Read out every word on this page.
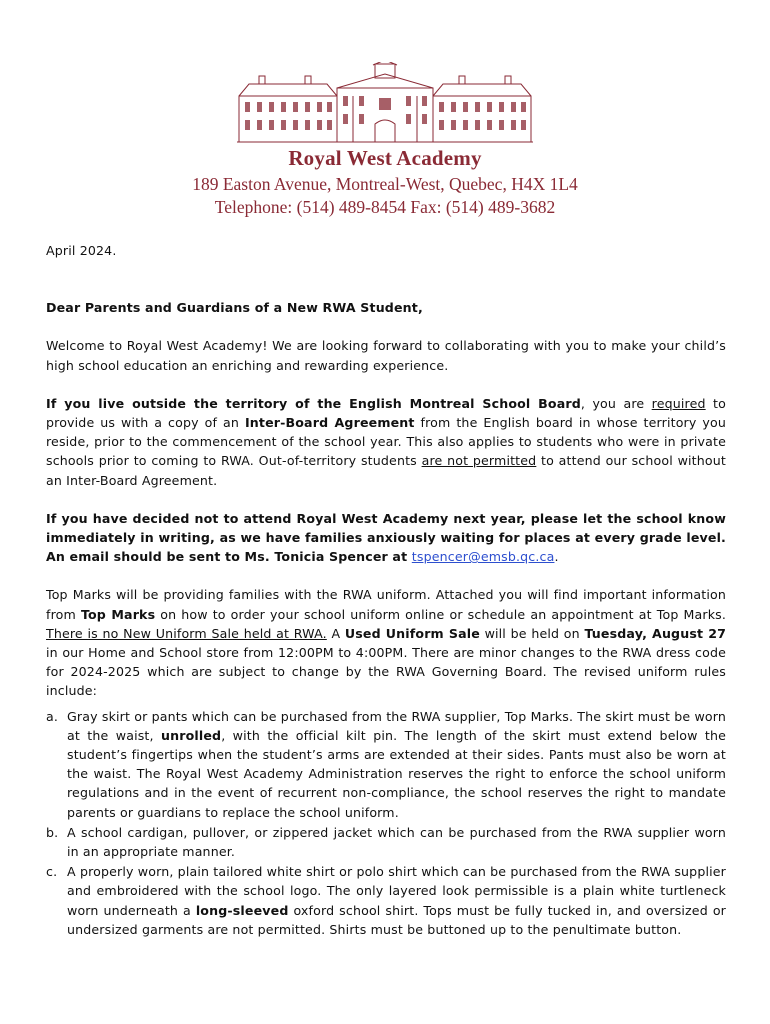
Royal West Academy
189 Easton Avenue, Montreal-West, Quebec, H4X 1L4
Telephone: (514) 489-8454 Fax: (514) 489-3682

April 2024.

Dear Parents and Guardians of a New RWA Student,

Welcome to Royal West Academy! We are looking forward to collaborating with you to make your child’s high school education an enriching and rewarding experience.

If you live outside the territory of the English Montreal School Board, you are required to provide us with a copy of an Inter-Board Agreement from the English board in whose territory you reside, prior to the commencement of the school year. This also applies to students who were in private schools prior to coming to RWA. Out-of-territory students are not permitted to attend our school without an Inter-Board Agreement.

If you have decided not to attend Royal West Academy next year, please let the school know immediately in writing, as we have families anxiously waiting for places at every grade level. An email should be sent to Ms. Tonicia Spencer at tspencer@emsb.qc.ca.

Top Marks will be providing families with the RWA uniform. Attached you will find important information from Top Marks on how to order your school uniform online or schedule an appointment at Top Marks. There is no New Uniform Sale held at RWA. A Used Uniform Sale will be held on Tuesday, August 27 in our Home and School store from 12:00PM to 4:00PM. There are minor changes to the RWA dress code for 2024-2025 which are subject to change by the RWA Governing Board. The revised uniform rules include:

a. Gray skirt or pants which can be purchased from the RWA supplier, Top Marks. The skirt must be worn at the waist, unrolled, with the official kilt pin. The length of the skirt must extend below the student’s fingertips when the student’s arms are extended at their sides. Pants must also be worn at the waist. The Royal West Academy Administration reserves the right to enforce the school uniform regulations and in the event of recurrent non-compliance, the school reserves the right to mandate parents or guardians to replace the school uniform.
b. A school cardigan, pullover, or zippered jacket which can be purchased from the RWA supplier worn in an appropriate manner.
c. A properly worn, plain tailored white shirt or polo shirt which can be purchased from the RWA supplier and embroidered with the school logo. The only layered look permissible is a plain white turtleneck worn underneath a long-sleeved oxford school shirt. Tops must be fully tucked in, and oversized or undersized garments are not permitted. Shirts must be buttoned up to the penultimate button.
